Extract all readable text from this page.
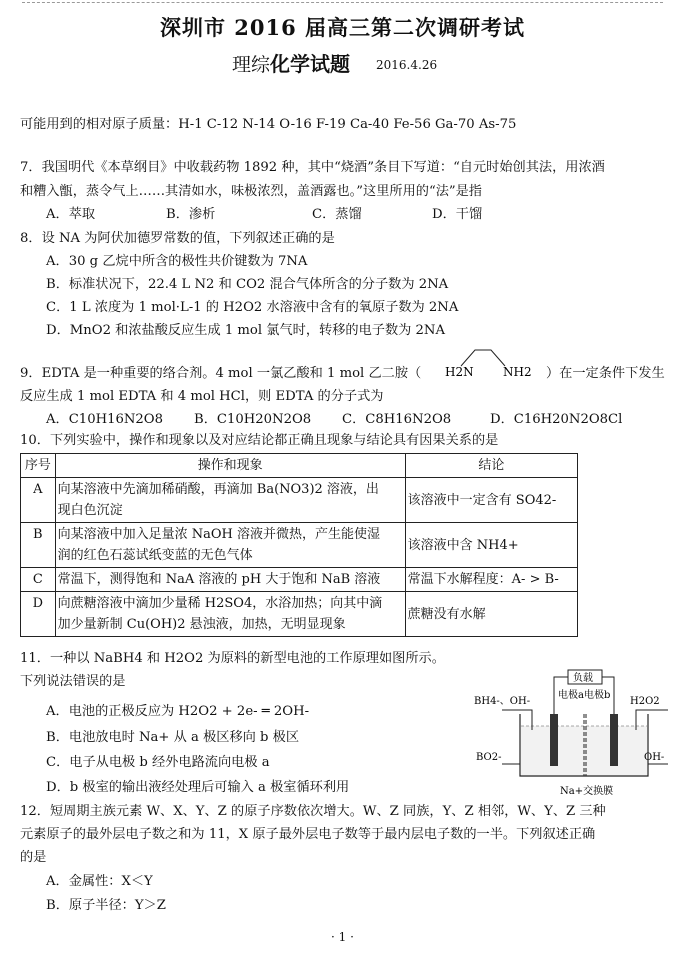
深圳市 2016 届高三第二次调研考试
理综化学试题 2016.4.26
可能用到的相对原子质量：H-1 C-12 N-14 O-16 F-19 Ca-40 Fe-56 Ga-70 As-75
7．我国明代《本草纲目》中收载药物 1892 种，其中“烧酒”条目下写道：“自元时始创其法，用浓酒
和糟入甑，蒸令气上……其清如水，味极浓烈，盖酒露也。”这里所用的“法”是指
A．萃取	B．渗析	C．蒸馏	D．干馏
8．设 NA 为阿伏加德罗常数的值，下列叙述正确的是
A．30 g 乙烷中所含的极性共价键数为 7NA
B．标准状况下，22.4 L N2 和 CO2 混合气体所含的分子数为 2NA
C．1 L 浓度为 1 mol·L-1 的 H2O2 水溶液中含有的氧原子数为 2NA
D．MnO2 和浓盐酸反应生成 1 mol 氯气时，转移的电子数为 2NA
9．EDTA 是一种重要的络合剂。4 mol 一氯乙酸和 1 mol 乙二胺（ H2N NH2 ）在一定条件下发生
反应生成 1 mol EDTA 和 4 mol HCl，则 EDTA 的分子式为
A．C10H16N2O8 B．C10H20N2O8 C．C8H16N2O8	D．C16H20N2O8Cl
10．下列实验中，操作和现象以及对应结论都正确且现象与结论具有因果关系的是
序号	操作和现象	结论
A	向某溶液中先滴加稀硝酸，再滴加 Ba(NO3)2 溶液，出
现白色沉淀	该溶液中一定含有 SO42-
B	向某溶液中加入足量浓 NaOH 溶液并微热，产生能使湿
润的红色石蕊试纸变蓝的无色气体	该溶液中含 NH4+
C	常温下，测得饱和 NaA 溶液的 pH 大于饱和 NaB 溶液	常温下水解程度：A- > B-
D	向蔗糖溶液中滴加少量稀 H2SO4，水浴加热；向其中滴
加少量新制 Cu(OH)2 悬浊液，加热，无明显现象	蔗糖没有水解
11．一种以 NaBH4 和 H2O2 为原料的新型电池的工作原理如图所示。
下列说法错误的是
A．电池的正极反应为 H2O2 + 2e- ═ 2OH-
B．电池放电时 Na+ 从 a 极区移向 b 极区
C．电子从电极 b 经外电路流向电极 a
D．b 极室的输出液经处理后可输入 a 极室循环利用
负载
电极a 电极b
BH4-、OH-	H2O2
BO2-	OH-
Na+交换膜
12．短周期主族元素 W、X、Y、Z 的原子序数依次增大。W、Z 同族，Y、Z 相邻，W、Y、Z 三种
元素原子的最外层电子数之和为 11，X 原子最外层电子数等于最内层电子数的一半。下列叙述正确
的是
A．金属性：X＜Y
B．原子半径：Y＞Z
· 1 ·
